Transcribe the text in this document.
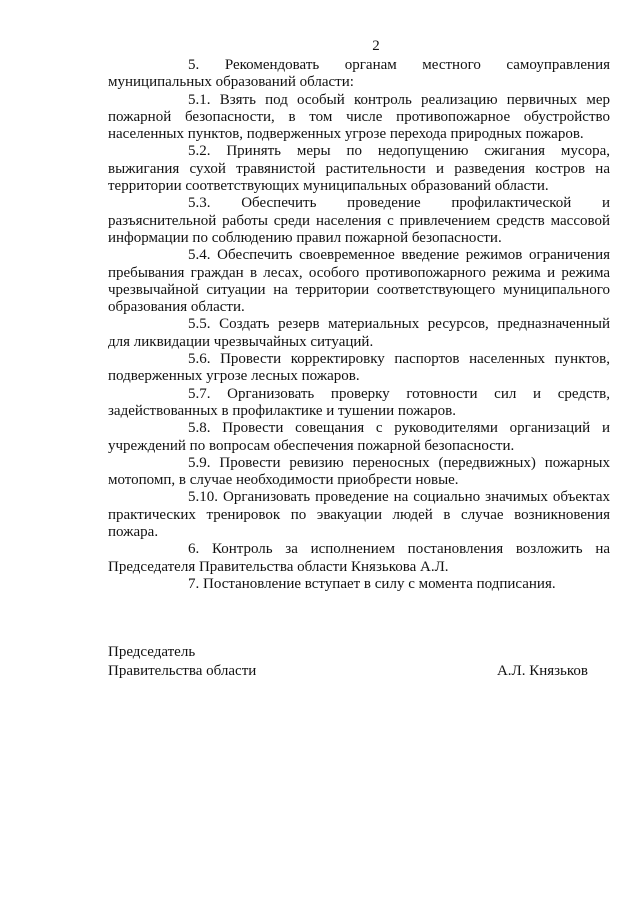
2

5. Рекомендовать органам местного самоуправления муниципальных образований области:

5.1. Взять под особый контроль реализацию первичных мер пожарной безопасности, в том числе противопожарное обустройство населенных пунктов, подверженных угрозе перехода природных пожаров.

5.2. Принять меры по недопущению сжигания мусора, выжигания сухой травянистой растительности и разведения костров на территории соответствующих муниципальных образований области.

5.3. Обеспечить проведение профилактической и разъяснительной работы среди населения с привлечением средств массовой информации по соблюдению правил пожарной безопасности.

5.4. Обеспечить своевременное введение режимов ограничения пребывания граждан в лесах, особого противопожарного режима и режима чрезвычайной ситуации на территории соответствующего муниципального образования области.

5.5. Создать резерв материальных ресурсов, предназначенный для ликвидации чрезвычайных ситуаций.

5.6. Провести корректировку паспортов населенных пунктов, подверженных угрозе лесных пожаров.

5.7. Организовать проверку готовности сил и средств, задействованных в профилактике и тушении пожаров.

5.8. Провести совещания с руководителями организаций и учреждений по вопросам обеспечения пожарной безопасности.

5.9. Провести ревизию переносных (передвижных) пожарных мотопомп, в случае необходимости приобрести новые.

5.10. Организовать проведение на социально значимых объектах практических тренировок по эвакуации людей в случае возникновения пожара.

6. Контроль за исполнением постановления возложить на Председателя Правительства области Князькова А.Л.

7. Постановление вступает в силу с момента подписания.

Председатель
Правительства области	А.Л. Князьков
